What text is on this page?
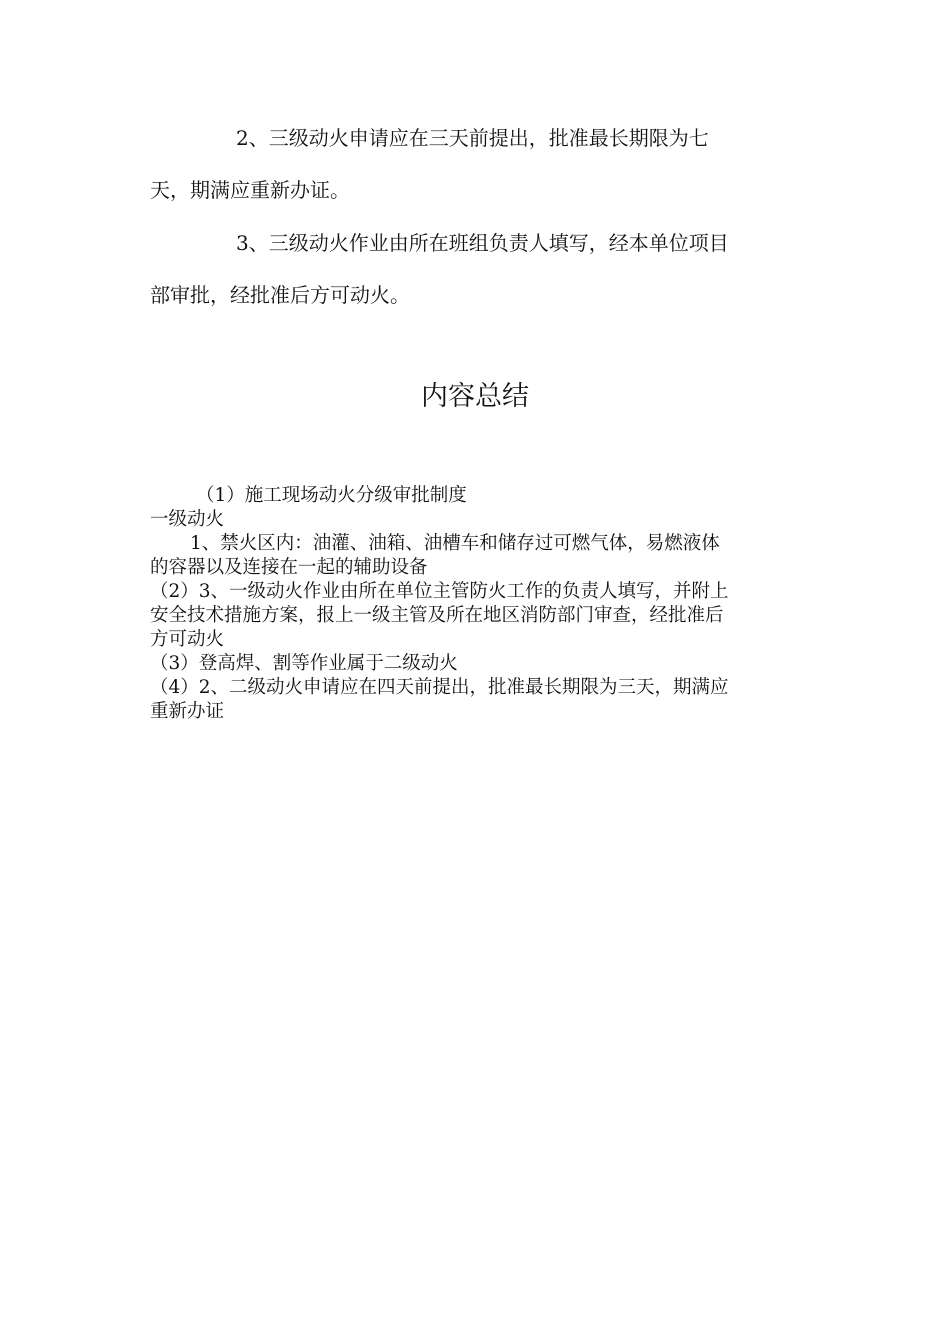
2、三级动火申请应在三天前提出，批准最长期限为七
天，期满应重新办证。
3、三级动火作业由所在班组负责人填写，经本单位项目
部审批，经批准后方可动火。
内容总结
（1）施工现场动火分级审批制度
一级动火
1、禁火区内：油灌、油箱、油槽车和储存过可燃气体，易燃液体
的容器以及连接在一起的辅助设备
（2）3、一级动火作业由所在单位主管防火工作的负责人填写，并附上
安全技术措施方案，报上一级主管及所在地区消防部门审查，经批准后
方可动火
（3）登高焊、割等作业属于二级动火
（4）2、二级动火申请应在四天前提出，批准最长期限为三天，期满应
重新办证
